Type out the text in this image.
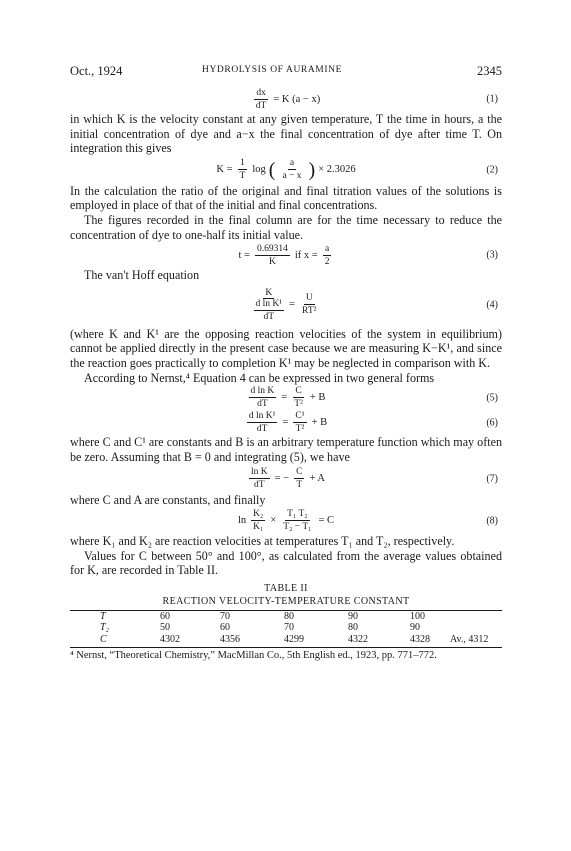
Oct., 1924	HYDROLYSIS OF AURAMINE	2345
$\frac{dx}{dT} = K$ (a − x)	(1)

in which K is the velocity constant at any given temperature, T the time in hours, a the initial concentration of dye and a−x the final concentration of dye after time T. On integration this gives

$K = \frac{1}{T}$ log ( $\frac{a}{a - x}$ ) × 2.3026	(2)

In the calculation the ratio of the original and final titration values of the solutions is employed in place of that of the initial and final concentrations.

The figures recorded in the final column are for the time necessary to reduce the concentration of dye to one-half its initial value.

$t = \frac{0.69314}{K}$ if $x = \frac{a}{2}$	(3)

The van't Hoff equation

K
d ln K¹
dT = $\frac{U}{\text{RT²}}$	(4)

(where K and K¹ are the opposing reaction velocities of the system in equilibrium) cannot be applied directly in the present case because we are measuring K−K¹, and since the reaction goes practically to completion K¹ may be neglected in comparison with K.

According to Nernst,⁴ Equation 4 can be expressed in two general forms

$\frac{\text{d ln K}}{dT} = \frac{C}{\text{T²}} + B$	(5)
$\frac{\text{d ln K¹}}{dT} = \frac{\text{C¹}}{\text{T²}} + B$	(6)

where C and C¹ are constants and B is an arbitrary temperature function which may often be zero. Assuming that B = 0 and integrating (5), we have

$\frac{\text{ln K}}{dT}$ = − $\frac{C}{T} + A$	(7)

where C and A are constants, and finally

$\ln \frac{\text{K₂}}{\text{K₁}} \times \frac{\text{T₁ T₂}}{\text{T₂ − T₁}} = C$	(8)

where K₁ and K₂ are reaction velocities at temperatures T₁ and T₂, respectively.

Values for C between 50° and 100°, as calculated from the average values obtained for K, are recorded in Table II.

TABLE II
REACTION VELOCITY-TEMPERATURE CONSTANT
T	60	70	80	90	100
T₂	50	60	70	80	90
C	4302	4356	4299	4322	4328 Av., 4312
⁴ Nernst, “Theoretical Chemistry,” MacMillan Co., 5th English ed., 1923, pp. 771–772.
